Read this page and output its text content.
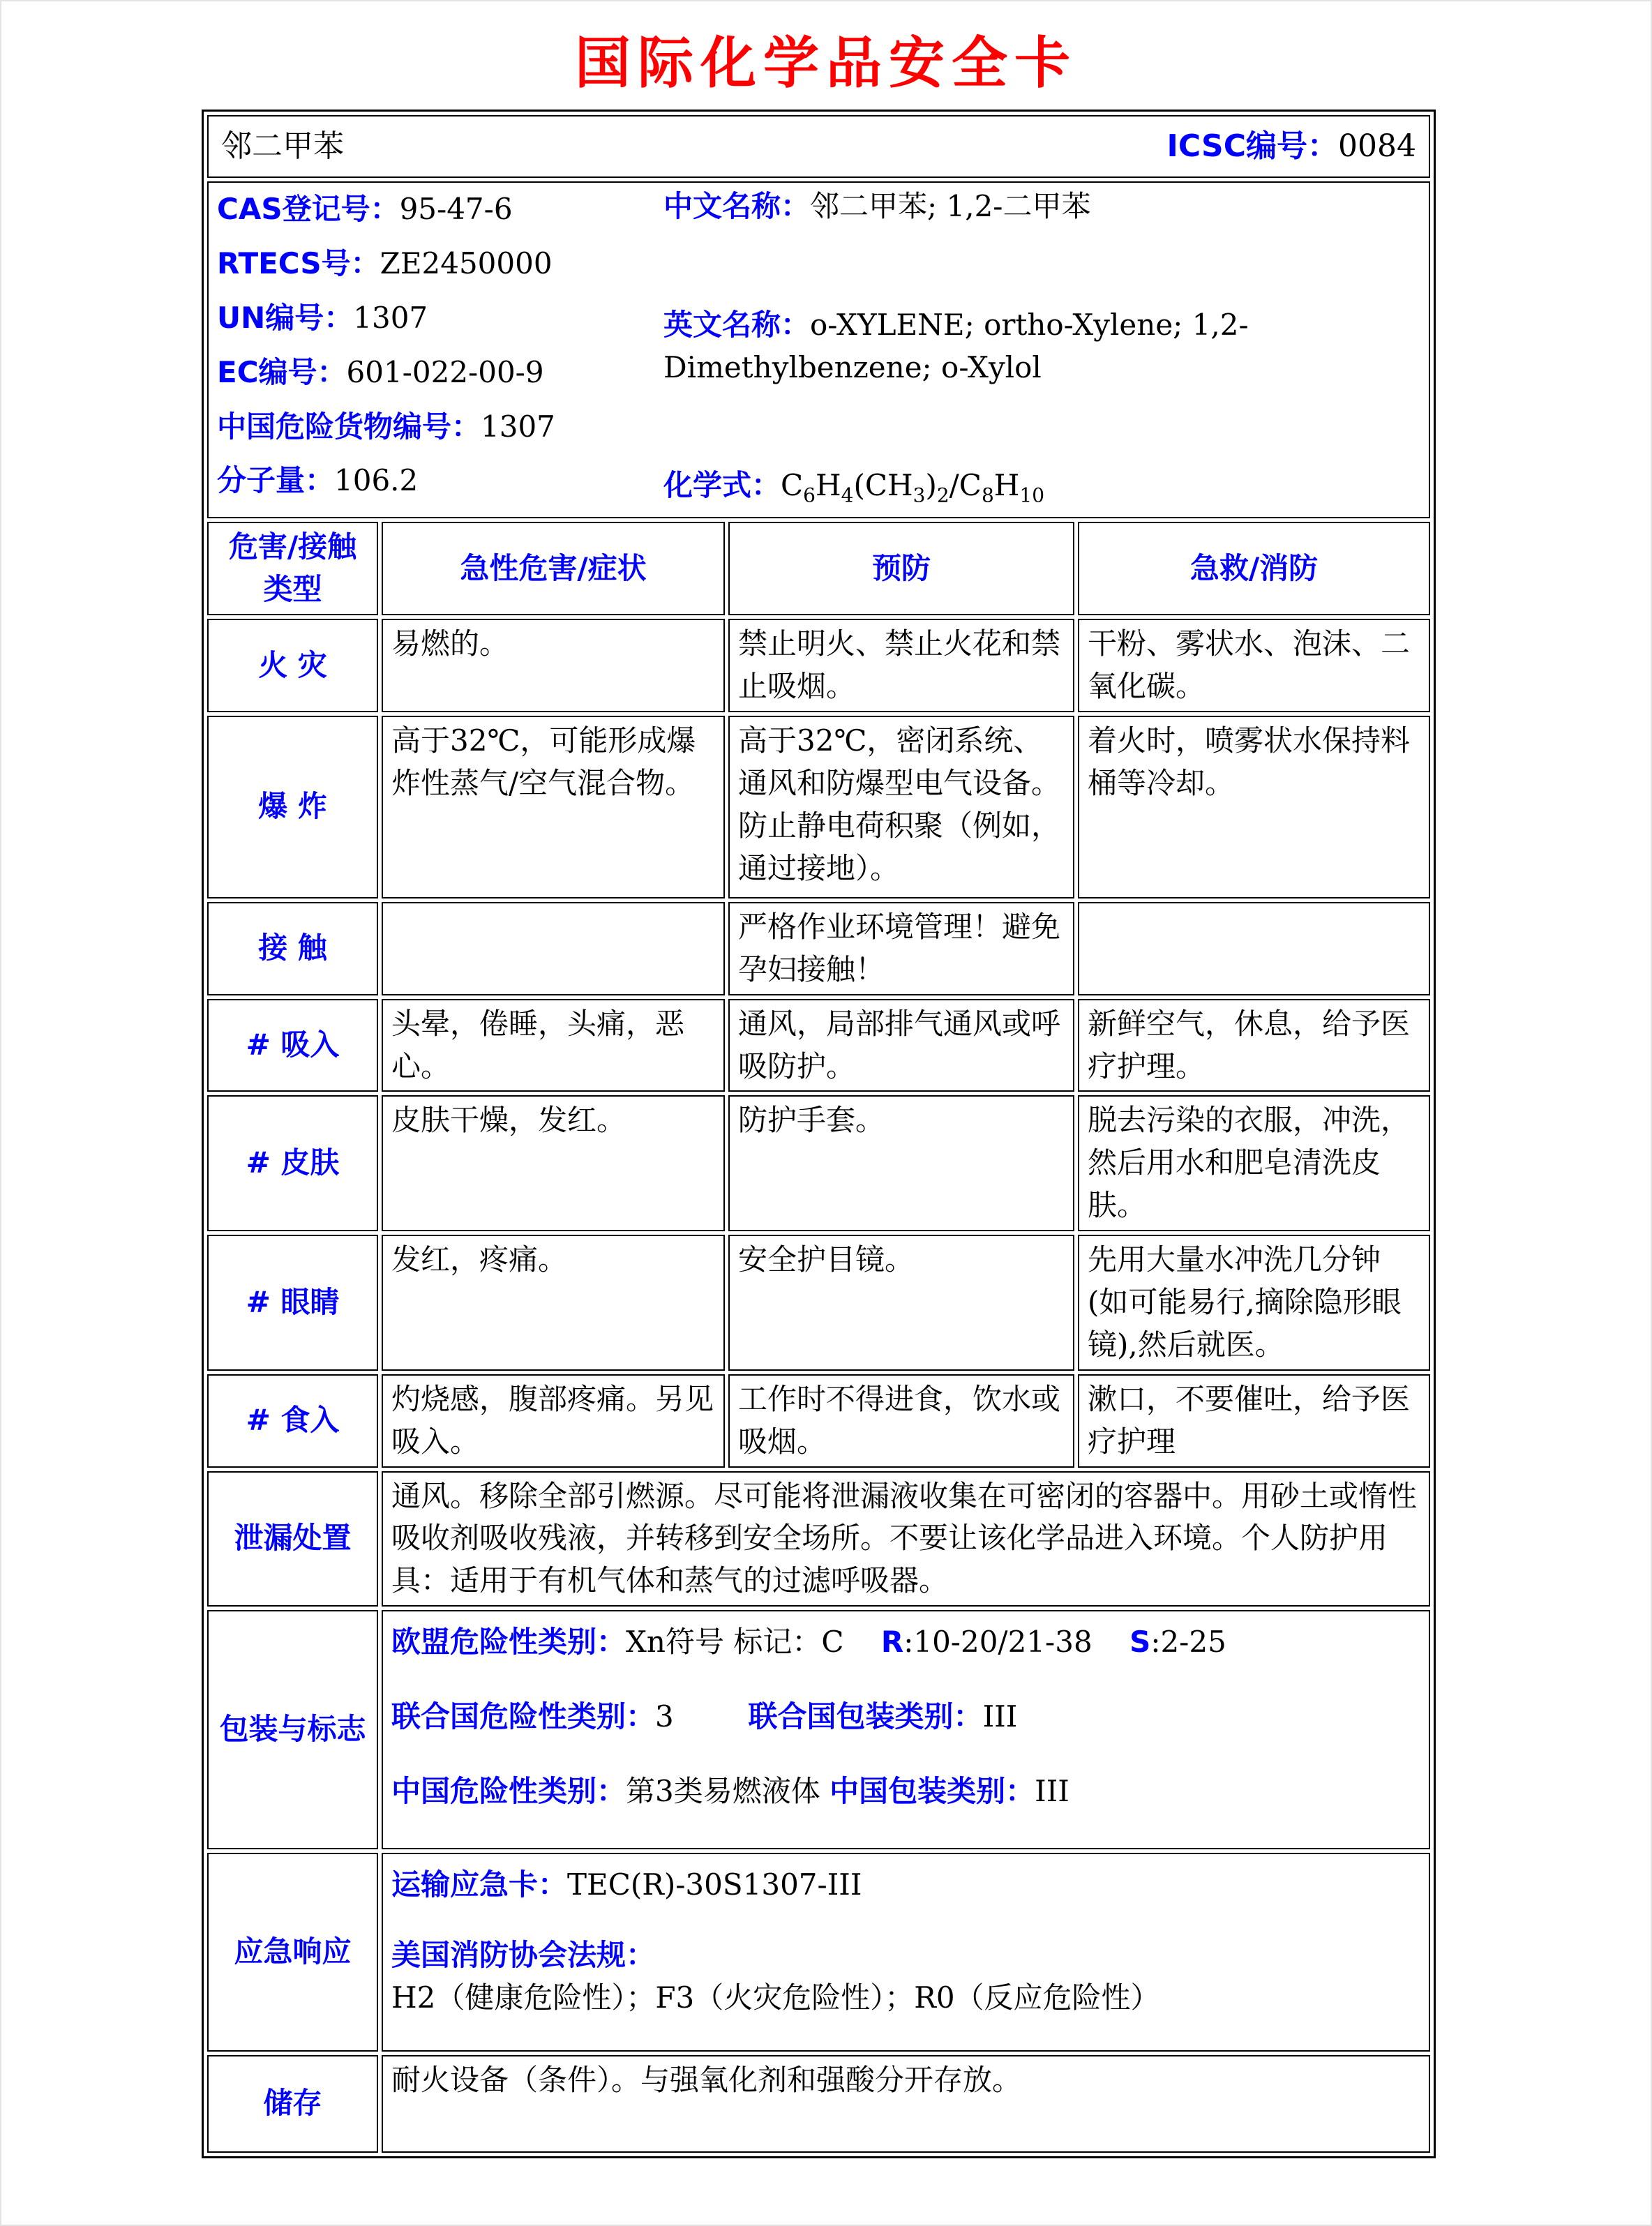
国际化学品安全卡
邻二甲苯 ICSC编号：0084			

CAS登记号：95-47-6
RTECS号：ZE2450000
UN编号：1307
EC编号：601-022-00-9
中国危险货物编号：1307
分子量：106.2
中文名称：邻二甲苯; 1,2-二甲苯
英文名称：o-XYLENE; ortho-Xylene; 1,2-Dimethylbenzene; o-Xylol
化学式：$C_6H_4(CH_3)_2/C_8H_{10}$

危害/接触类型	急性危害/症状	预防	急救/消防
火 灾	易燃的。	禁止明火、禁止火花和禁止吸烟。	干粉、雾状水、泡沫、二氧化碳。
爆 炸	高于32℃，可能形成爆炸性蒸气/空气混合物。	高于32℃，密闭系统、通风和防爆型电气设备。防止静电荷积聚（例如，通过接地）。	着火时，喷雾状水保持料桶等冷却。
接 触		严格作业环境管理！避免孕妇接触！	
# 吸入	头晕，倦睡，头痛，恶心。	通风，局部排气通风或呼吸防护。	新鲜空气，休息，给予医疗护理。
# 皮肤	皮肤干燥，发红。	防护手套。	脱去污染的衣服，冲洗，然后用水和肥皂清洗皮肤。
# 眼睛	发红，疼痛。	安全护目镜。	先用大量水冲洗几分钟(如可能易行,摘除隐形眼镜),然后就医。
# 食入	灼烧感，腹部疼痛。另见吸入。	工作时不得进食，饮水或吸烟。	漱口，不要催吐，给予医疗护理
泄漏处置	通风。移除全部引燃源。尽可能将泄漏液收集在可密闭的容器中。用砂土或惰性吸收剂吸收残液，并转移到安全场所。不要让该化学品进入环境。个人防护用具：适用于有机气体和蒸气的过滤呼吸器。		
包装与标志	欧盟危险性类别：Xn符号 标记：C    R:10-20/21-38    S:2-25
联合国危险性类别：3        联合国包装类别：III
中国危险性类别：第3类易燃液体 中国包装类别：III		

应急响应	运输应急卡：TEC(R)-30S1307-III
美国消防协会法规：H2（健康危险性）；F3（火灾危险性）；R0（反应危险性）		

储存	耐火设备（条件）。与强氧化剂和强酸分开存放。		
